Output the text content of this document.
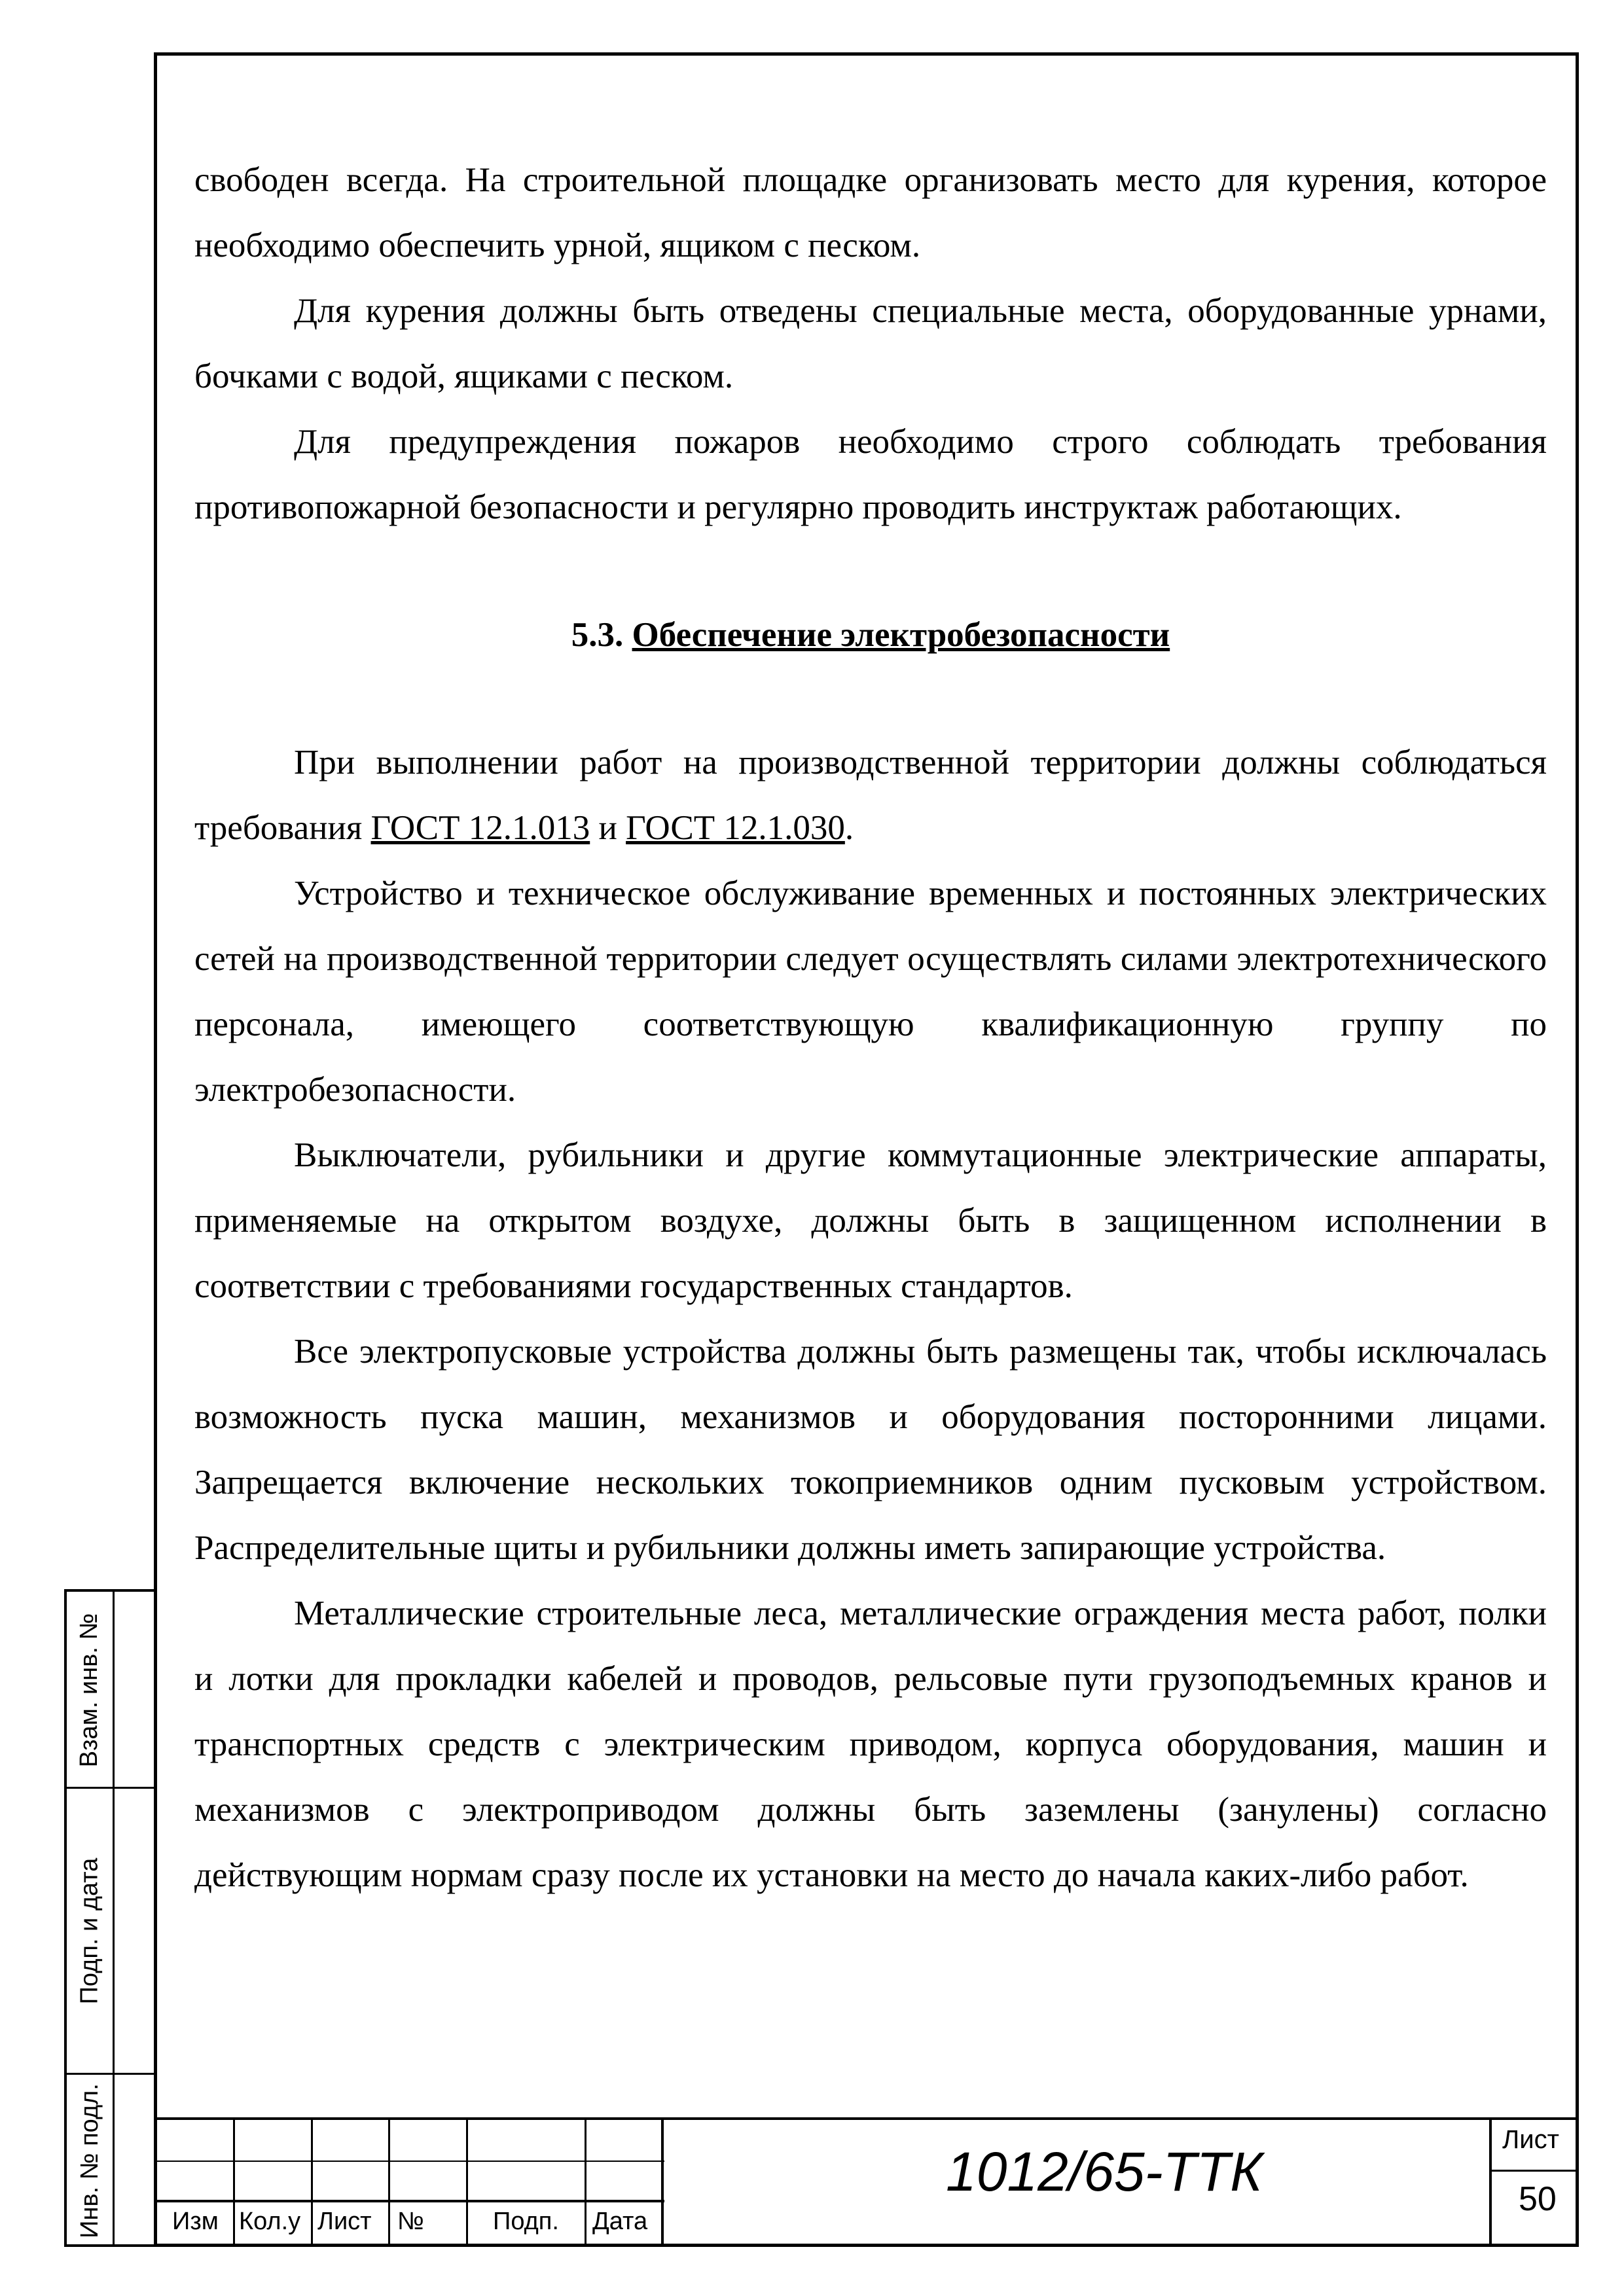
свободен всегда. На строительной площадке организовать место для курения, которое необходимо обеспечить урной, ящиком с песком.

Для курения должны быть отведены специальные места, оборудованные урнами, бочками с водой, ящиками с песком.

Для предупреждения пожаров необходимо строго соблюдать требования противопожарной безопасности и регулярно проводить инструктаж работающих.

5.3. Обеспечение электробезопасности

При выполнении работ на производственной территории должны соблюдаться требования ГОСТ 12.1.013 и ГОСТ 12.1.030.

Устройство и техническое обслуживание временных и постоянных электрических сетей на производственной территории следует осуществлять силами электротехнического персонала, имеющего соответствующую квалификационную группу по электробезопасности.

Выключатели, рубильники и другие коммутационные электрические аппараты, применяемые на открытом воздухе, должны быть в защищенном исполнении в соответствии с требованиями государственных стандартов.

Все электропусковые устройства должны быть размещены так, чтобы исключалась возможность пуска машин, механизмов и оборудования посторонними лицами. Запрещается включение нескольких токоприемников одним пусковым устройством. Распределительные щиты и рубильники должны иметь запирающие устройства.

Металлические строительные леса, металлические ограждения места работ, полки и лотки для прокладки кабелей и проводов, рельсовые пути грузоподъемных кранов и транспортных средств с электрическим приводом, корпуса оборудования, машин и механизмов с электроприводом должны быть заземлены (занулены) согласно действующим нормам сразу после их установки на место до начала каких-либо работ.

Взам. инв. №
Подп. и дата
Инв. № подл.	Изм Кол.у Лист №	Подп. Дата
1012/65-ТТК
Лист
50
